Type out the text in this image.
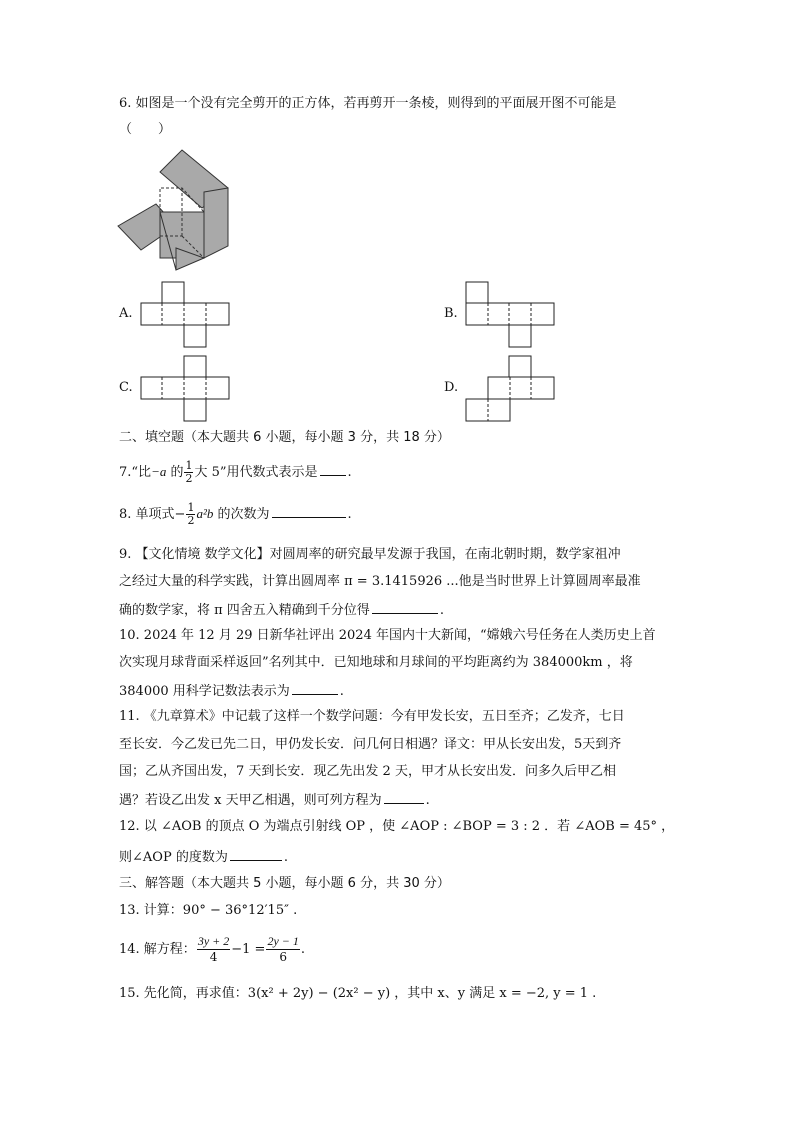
6. 如图是一个没有完全剪开的正方体，若再剪开一条棱，则得到的平面展开图不可能是
（　　）
A.	B.
C.	D.
二、填空题（本大题共 6 小题，每小题 3 分，共 18 分）
7.“比−a 的 $\frac{1}{2}$ 大 5”用代数式表示是 .
8. 单项式− $\frac{1}{2} a^2b$ 的次数为	.
9. 【文化情境 数学文化】对圆周率的研究最早发源于我国，在南北朝时期，数学家祖冲
之经过大量的科学实践，计算出圆周率 π = 3.1415926 ...他是当时世界上计算圆周率最准
确的数学家，将 π 四舍五入精确到千分位得	.
10. 2024 年 12 月 29 日新华社评出 2024 年国内十大新闻，“嫦娥六号任务在人类历史上首
次实现月球背面采样返回”名列其中．已知地球和月球间的平均距离约为 384000km ，将
384000 用科学记数法表示为	.
11. 《九章算术》中记载了这样一个数学问题：今有甲发长安，五日至齐；乙发齐，七日
至长安．今乙发已先二日，甲仍发长安．问几何日相遇？译文：甲从长安出发，5天到齐
国；乙从齐国出发，7 天到长安．现乙先出发 2 天，甲才从长安出发．问多久后甲乙相
遇？若设乙出发 x 天甲乙相遇，则可列方程为	.
12. 以 ∠AOB 的顶点 O 为端点引射线 OP ，使 ∠AOP : ∠BOP = 3 : 2 ．若 ∠AOB = 45° ，
则∠AOP 的度数为	.
三、解答题（本大题共 5 小题，每小题 6 分，共 30 分）
13. 计算：90° − 36°12′15″ .
14. 解方程： $\frac{3y + 2}{4} -1 = \frac{2y - 1}{6}$ .
15. 先化简，再求值：3(x² + 2y) − (2x² − y) ，其中 x、y 满足 x = −2, y = 1 .
